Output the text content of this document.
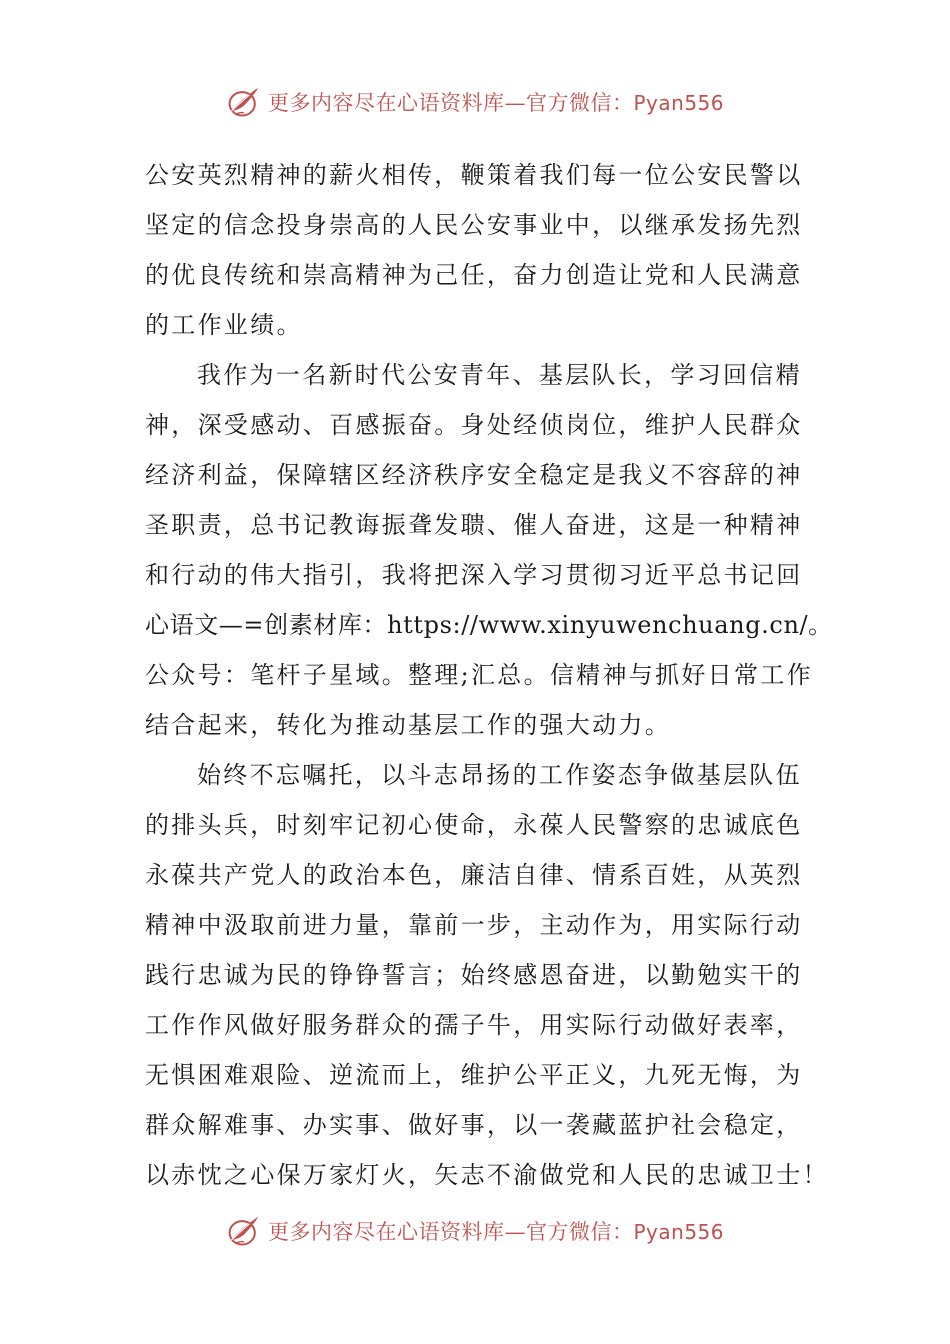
更多内容尽在心语资料库—官方微信：Pyan556
公安英烈精神的薪火相传，鞭策着我们每一位公安民警以
坚定的信念投身崇高的人民公安事业中，以继承发扬先烈
的优良传统和崇高精神为己任，奋力创造让党和人民满意
的工作业绩。
我作为一名新时代公安青年、基层队长，学习回信精
神，深受感动、百感振奋。身处经侦岗位，维护人民群众
经济利益，保障辖区经济秩序安全稳定是我义不容辞的神
圣职责，总书记教诲振聋发聩、催人奋进，这是一种精神
和行动的伟大指引，我将把深入学习贯彻习近平总书记回
心语文—=创素材库：https://www.xinyuwenchuang.cn/。
公众号：笔杆子星域。整理;汇总。信精神与抓好日常工作
结合起来，转化为推动基层工作的强大动力。
始终不忘嘱托，以斗志昂扬的工作姿态争做基层队伍
的排头兵，时刻牢记初心使命，永葆人民警察的忠诚底色
永葆共产党人的政治本色，廉洁自律、情系百姓，从英烈
精神中汲取前进力量，靠前一步，主动作为，用实际行动
践行忠诚为民的铮铮誓言；始终感恩奋进，以勤勉实干的
工作作风做好服务群众的孺子牛，用实际行动做好表率，
无惧困难艰险、逆流而上，维护公平正义，九死无悔，为
群众解难事、办实事、做好事，以一袭藏蓝护社会稳定，
以赤忱之心保万家灯火，矢志不渝做党和人民的忠诚卫士！
更多内容尽在心语资料库—官方微信：Pyan556
